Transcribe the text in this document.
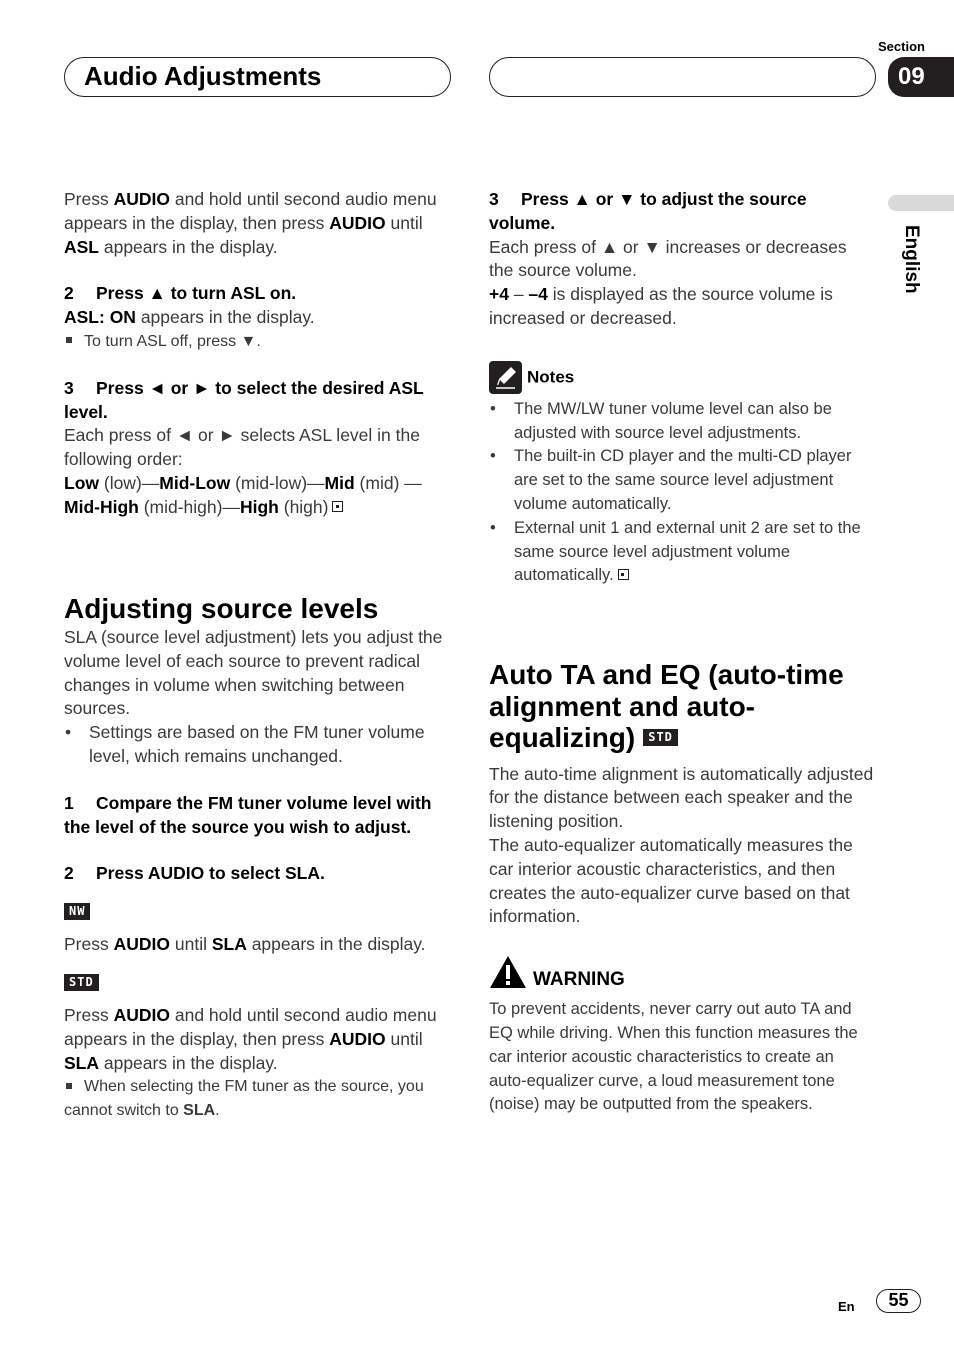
Audio Adjustments
Section
09
English

Press AUDIO and hold until second audio menu appears in the display, then press AUDIO until ASL appears in the display.

2 Press ▲ to turn ASL on.

ASL: ON appears in the display.

To turn ASL off, press ▼.

3 Press ◄ or ► to select the desired ASL level.

Each press of ◄ or ► selects ASL level in the following order:

Low (low)—Mid-Low (mid-low)—Mid (mid) —Mid-High (mid-high)—High (high)

Adjusting source levels

SLA (source level adjustment) lets you adjust the volume level of each source to prevent radical changes in volume when switching between sources.

• Settings are based on the FM tuner volume level, which remains unchanged.

1 Compare the FM tuner volume level with the level of the source you wish to adjust.

2 Press AUDIO to select SLA.

NW

Press AUDIO until SLA appears in the display.

STD

Press AUDIO and hold until second audio menu appears in the display, then press AUDIO until SLA appears in the display.

When selecting the FM tuner as the source, you cannot switch to SLA.

3 Press ▲ or ▼ to adjust the source volume.

Each press of ▲ or ▼ increases or decreases the source volume.

+4 – –4 is displayed as the source volume is increased or decreased.

Notes
• The MW/LW tuner volume level can also be adjusted with source level adjustments.
• The built-in CD player and the multi-CD player are set to the same source level adjustment volume automatically.
• External unit 1 and external unit 2 are set to the same source level adjustment volume automatically.
Auto TA and EQ (auto-time alignment and auto-equalizing) STD

The auto-time alignment is automatically adjusted for the distance between each speaker and the listening position.

The auto-equalizer automatically measures the car interior acoustic characteristics, and then creates the auto-equalizer curve based on that information.

WARNING

To prevent accidents, never carry out auto TA and EQ while driving. When this function measures the car interior acoustic characteristics to create an auto-equalizer curve, a loud measurement tone (noise) may be outputted from the speakers.

En	55
